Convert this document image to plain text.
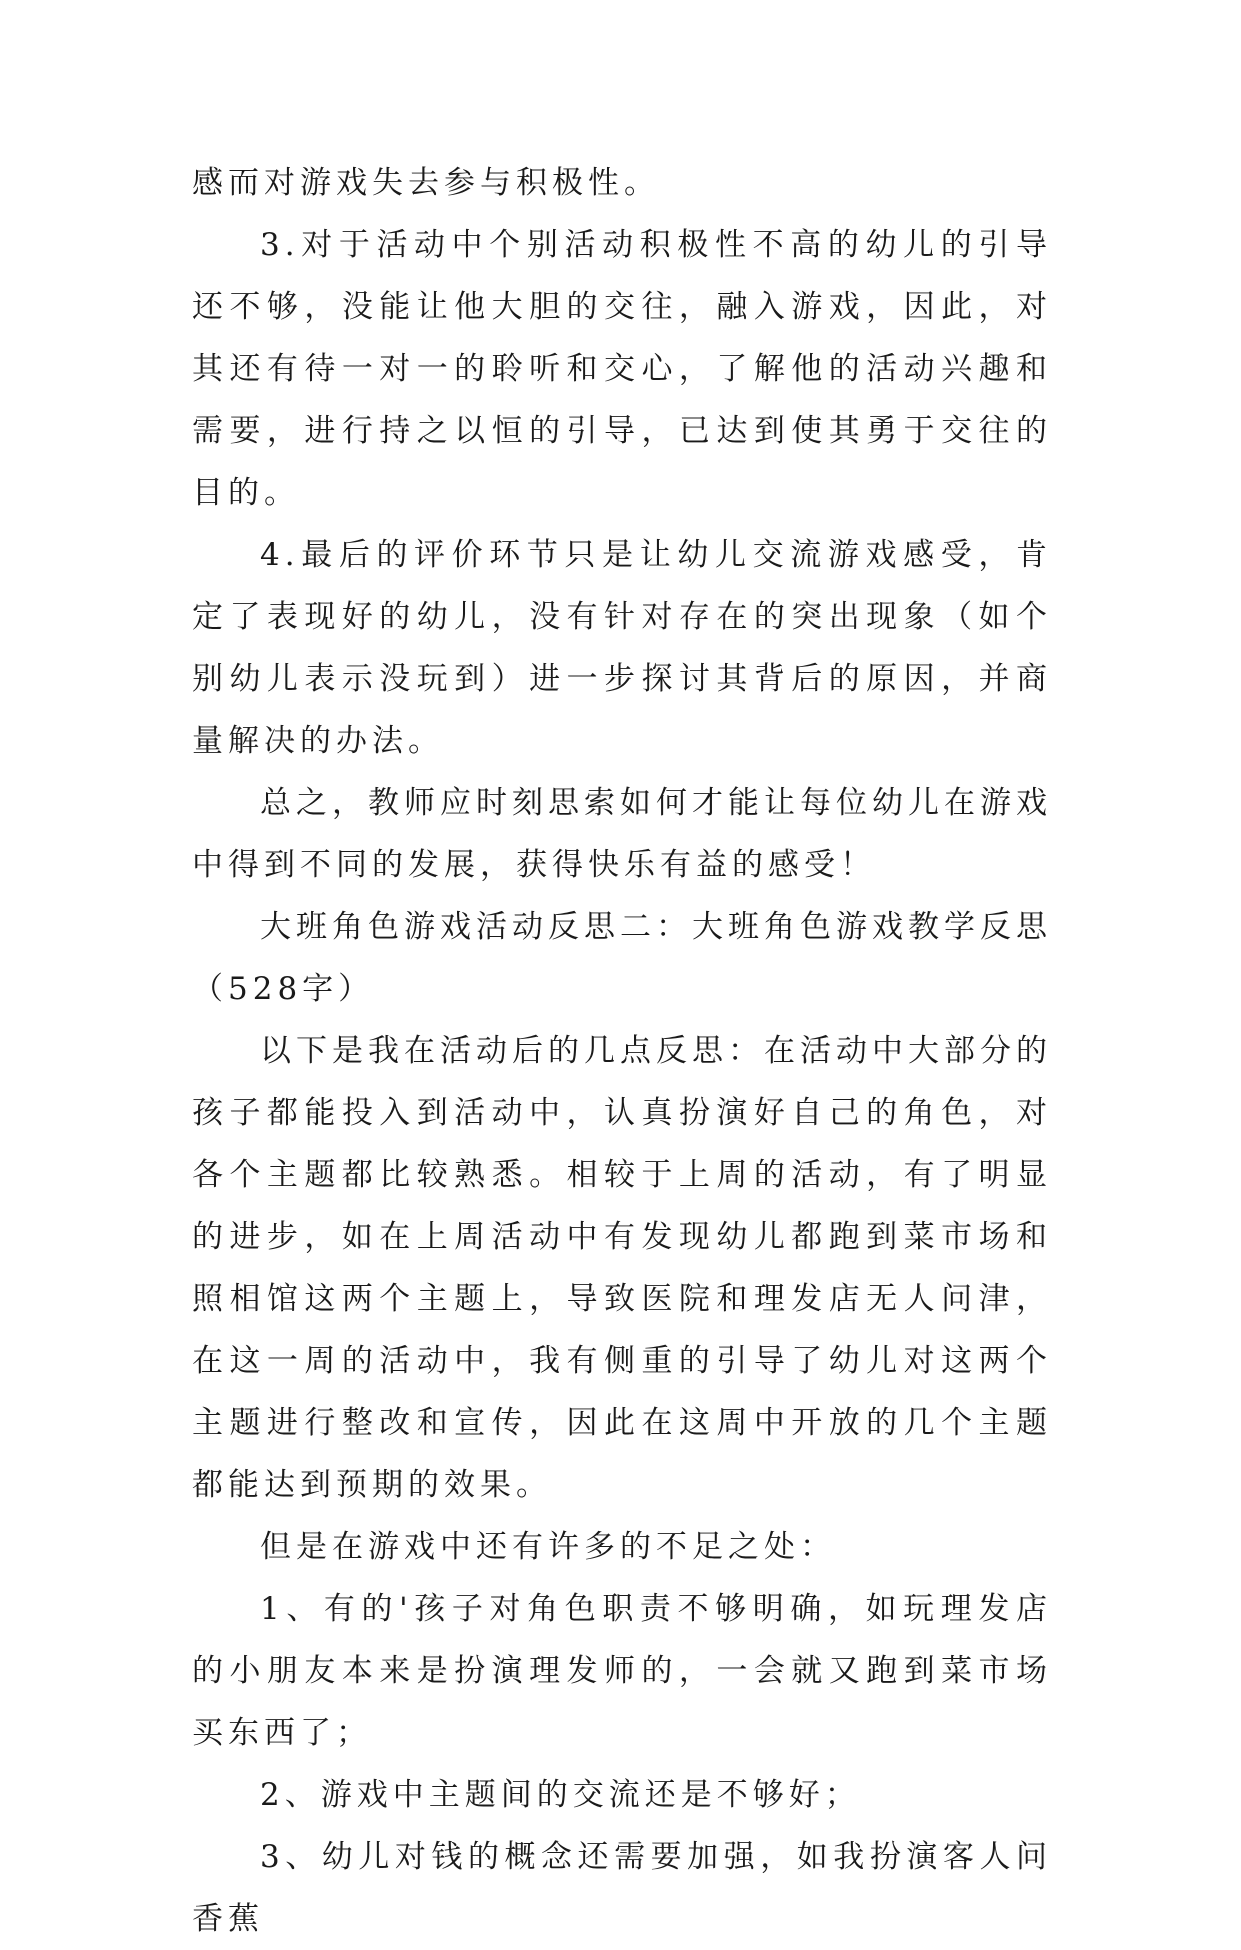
感而对游戏失去参与积极性。

3.对于活动中个别活动积极性不高的幼儿的引导还不够，没能让他大胆的交往，融入游戏，因此，对其还有待一对一的聆听和交心，了解他的活动兴趣和需要，进行持之以恒的引导，已达到使其勇于交往的目的。

4.最后的评价环节只是让幼儿交流游戏感受，肯定了表现好的幼儿，没有针对存在的突出现象（如个别幼儿表示没玩到）进一步探讨其背后的原因，并商量解决的办法。

总之，教师应时刻思索如何才能让每位幼儿在游戏中得到不同的发展，获得快乐有益的感受！

大班角色游戏活动反思二：大班角色游戏教学反思（528字）

以下是我在活动后的几点反思：在活动中大部分的孩子都能投入到活动中，认真扮演好自己的角色，对各个主题都比较熟悉。相较于上周的活动，有了明显的进步，如在上周活动中有发现幼儿都跑到菜市场和照相馆这两个主题上，导致医院和理发店无人问津，在这一周的活动中，我有侧重的引导了幼儿对这两个主题进行整改和宣传，因此在这周中开放的几个主题都能达到预期的效果。

但是在游戏中还有许多的不足之处：

1、有的'孩子对角色职责不够明确，如玩理发店的小朋友本来是扮演理发师的，一会就又跑到菜市场买东西了；

2、游戏中主题间的交流还是不够好；

3、幼儿对钱的概念还需要加强，如我扮演客人问香蕉
